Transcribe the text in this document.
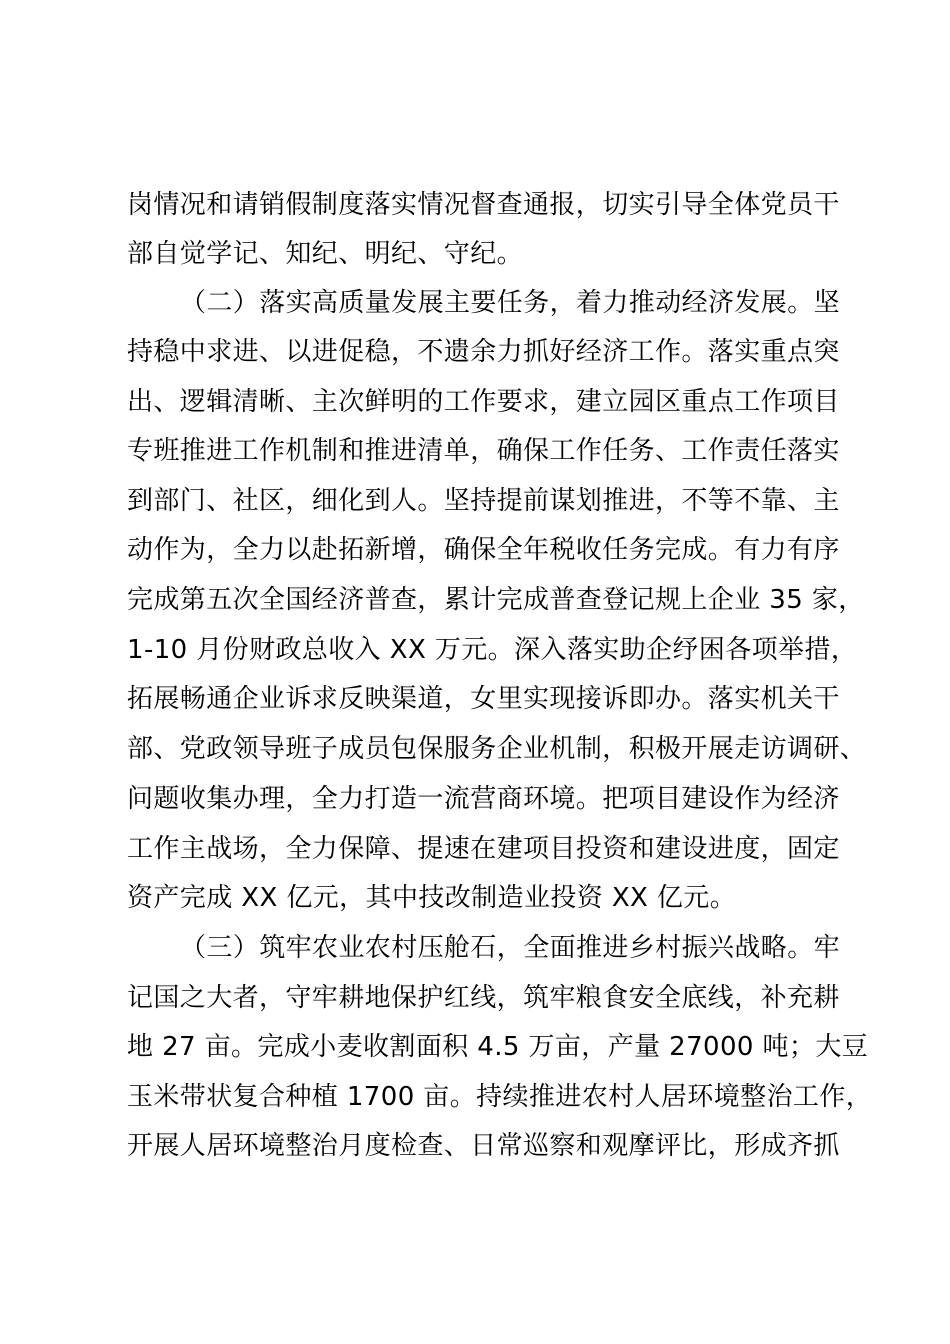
岗情况和请销假制度落实情况督查通报，切实引导全体党员干
部自觉学记、知纪、明纪、守纪。
（二）落实高质量发展主要任务，着力推动经济发展。坚
持稳中求进、以进促稳，不遗余力抓好经济工作。落实重点突
出、逻辑清晰、主次鲜明的工作要求，建立园区重点工作项目
专班推进工作机制和推进清单，确保工作任务、工作责任落实
到部门、社区，细化到人。坚持提前谋划推进，不等不靠、主
动作为，全力以赴拓新增，确保全年税收任务完成。有力有序
完成第五次全国经济普查，累计完成普查登记规上企业 35 家，
1-10 月份财政总收入 XX 万元。深入落实助企纾困各项举措，
拓展畅通企业诉求反映渠道，女里实现接诉即办。落实机关干
部、党政领导班子成员包保服务企业机制，积极开展走访调研、
问题收集办理，全力打造一流营商环境。把项目建设作为经济
工作主战场，全力保障、提速在建项目投资和建设进度，固定
资产完成 XX 亿元，其中技改制造业投资 XX 亿元。
（三）筑牢农业农村压舱石，全面推进乡村振兴战略。牢
记国之大者，守牢耕地保护红线，筑牢粮食安全底线，补充耕
地 27 亩。完成小麦收割面积 4.5 万亩，产量 27000 吨；大豆
玉米带状复合种植 1700 亩。持续推进农村人居环境整治工作，
开展人居环境整治月度检查、日常巡察和观摩评比，形成齐抓
